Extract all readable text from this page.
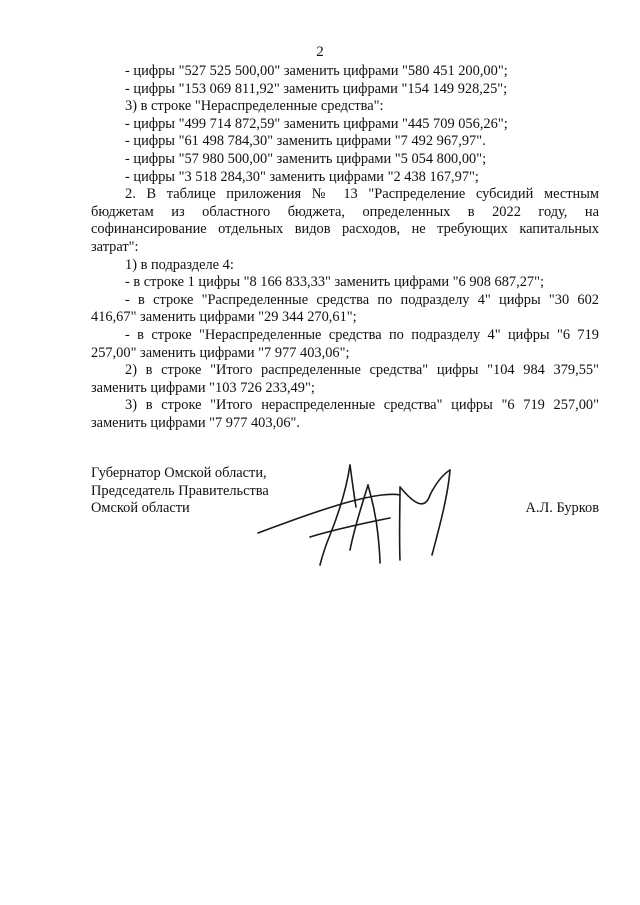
2

- цифры "527 525 500,00" заменить цифрами "580 451 200,00";

- цифры "153 069 811,92" заменить цифрами "154 149 928,25";

3) в строке "Нераспределенные средства":

- цифры "499 714 872,59" заменить цифрами "445 709 056,26";

- цифры "61 498 784,30" заменить цифрами "7 492 967,97".

- цифры "57 980 500,00" заменить цифрами "5 054 800,00";

- цифры "3 518 284,30" заменить цифрами "2 438 167,97";

2. В таблице приложения № 13 "Распределение субсидий местным бюджетам из областного бюджета, определенных в 2022 году, на софинансирование отдельных видов расходов, не требующих капитальных затрат":

1) в подразделе 4:

- в строке 1 цифры "8 166 833,33" заменить цифрами "6 908 687,27";

- в строке "Распределенные средства по подразделу 4" цифры "30 602 416,67" заменить цифрами "29 344 270,61";

- в строке "Нераспределенные средства по подразделу 4" цифры "6 719 257,00" заменить цифрами "7 977 403,06";

2) в строке "Итого распределенные средства" цифры "104 984 379,55" заменить цифрами "103 726 233,49";

3) в строке "Итого нераспределенные средства" цифры "6 719 257,00" заменить цифрами "7 977 403,06".

Губернатор Омской области,
Председатель Правительства
Омской области	А.Л. Бурков
